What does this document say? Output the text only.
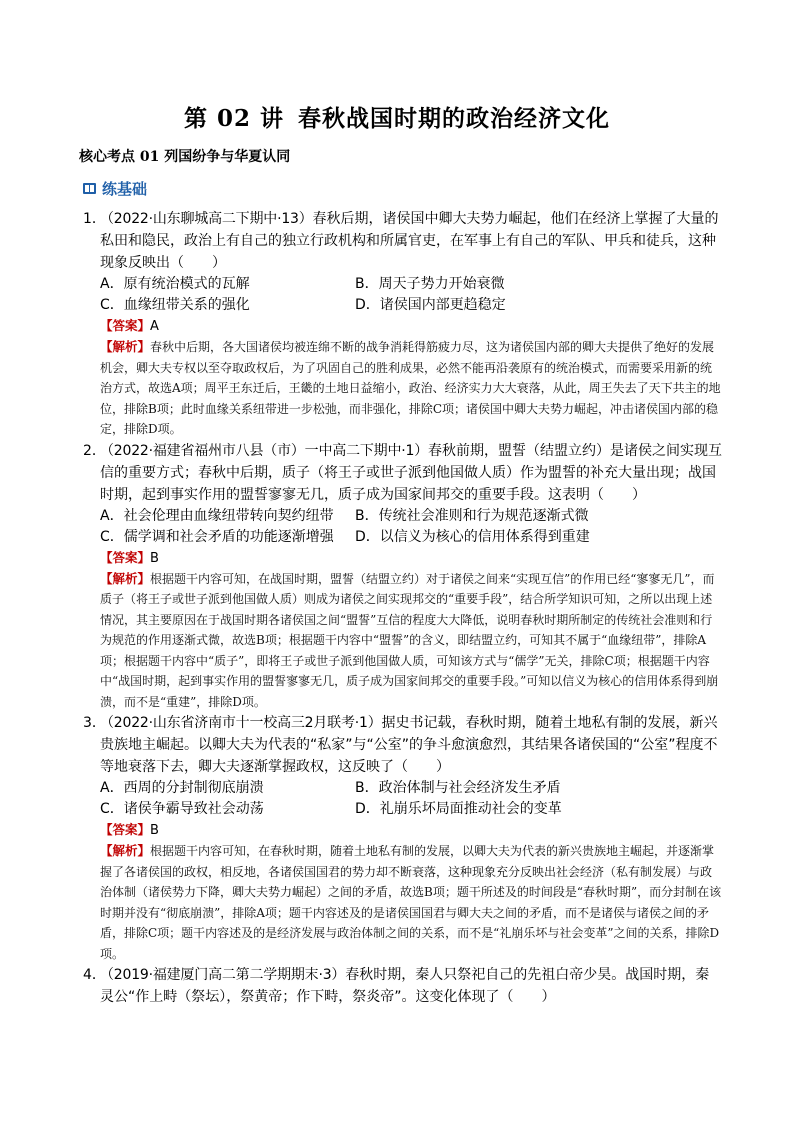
第 02 讲 春秋战国时期的政治经济文化
核心考点 01 列国纷争与华夏认同
练基础
1．
（2022·山东聊城高二下期中·13）春秋后期，诸侯国中卿大夫势力崛起，他们在经济上掌握了大量的私田和隐民，政治上有自己的独立行政机构和所属官吏，在军事上有自己的军队、甲兵和徒兵，这种现象反映出（　　）
A．原有统治模式的瓦解	B．周天子势力开始衰微
C．血缘纽带关系的强化	D．诸侯国内部更趋稳定
【答案】A
【解析】春秋中后期，各大国诸侯均被连绵不断的战争消耗得筋疲力尽，这为诸侯国内部的卿大夫提供了绝好的发展机会，卿大夫专权以至夺取政权后，为了巩固自己的胜利成果，必然不能再沿袭原有的统治模式，而需要采用新的统治方式，故选A项；周平王东迁后，王畿的土地日益缩小，政治、经济实力大大衰落，从此，周王失去了天下共主的地位，排除B项；此时血缘关系纽带进一步松弛，而非强化，排除C项；诸侯国中卿大夫势力崛起，冲击诸侯国内部的稳定，排除D项。
2．
（2022·福建省福州市八县（市）一中高二下期中·1）春秋前期，盟誓（结盟立约）是诸侯之间实现互信的重要方式；春秋中后期，质子（将王子或世子派到他国做人质）作为盟誓的补充大量出现；战国时期，起到事实作用的盟誓寥寥无几，质子成为国家间邦交的重要手段。这表明（　　）
A．社会伦理由血缘纽带转向契约纽带	B．传统社会准则和行为规范逐渐式微
C．儒学调和社会矛盾的功能逐渐增强	D．以信义为核心的信用体系得到重建
【答案】B
【解析】根据题干内容可知，在战国时期，盟誓（结盟立约）对于诸侯之间来“实现互信”的作用已经“寥寥无几”，而质子（将王子或世子派到他国做人质）则成为诸侯之间实现邦交的“重要手段”，结合所学知识可知，之所以出现上述情况，其主要原因在于战国时期各诸侯国之间“盟誓”互信的程度大大降低，说明春秋时期所制定的传统社会准则和行为规范的作用逐渐式微，故选B项；根据题干内容中“盟誓”的含义，即结盟立约，可知其不属于“血缘纽带”，排除A项；根据题干内容中“质子”，即将王子或世子派到他国做人质，可知该方式与“儒学”无关，排除C项；根据题干内容中“战国时期，起到事实作用的盟誓寥寥无几，质子成为国家间邦交的重要手段。”可知以信义为核心的信用体系得到崩溃，而不是“重建”，排除D项。
3．
（2022·山东省济南市十一校高三2月联考·1）据史书记载，春秋时期，随着土地私有制的发展，新兴贵族地主崛起。以卿大夫为代表的“私家”与“公室”的争斗愈演愈烈，其结果各诸侯国的“公室”程度不等地衰落下去，卿大夫逐渐掌握政权，这反映了（　　）
A．西周的分封制彻底崩溃	B．政治体制与社会经济发生矛盾
C．诸侯争霸导致社会动荡	D．礼崩乐坏局面推动社会的变革
【答案】B
【解析】根据题干内容可知，在春秋时期，随着土地私有制的发展，以卿大夫为代表的新兴贵族地主崛起，并逐渐掌握了各诸侯国的政权，相反地，各诸侯国国君的势力却不断衰落，这种现象充分反映出社会经济（私有制发展）与政治体制（诸侯势力下降，卿大夫势力崛起）之间的矛盾，故选B项；题干所述及的时间段是“春秋时期”，而分封制在该时期并没有“彻底崩溃”，排除A项；题干内容述及的是诸侯国国君与卿大夫之间的矛盾，而不是诸侯与诸侯之间的矛盾，排除C项；题干内容述及的是经济发展与政治体制之间的关系，而不是“礼崩乐坏与社会变革”之间的关系，排除D项。
4．
（2019·福建厦门高二第二学期期末·3）春秋时期，秦人只祭祀自己的先祖白帝少昊。战国时期，秦灵公“作上畤（祭坛），祭黄帝；作下畤，祭炎帝”。这变化体现了（　　）
